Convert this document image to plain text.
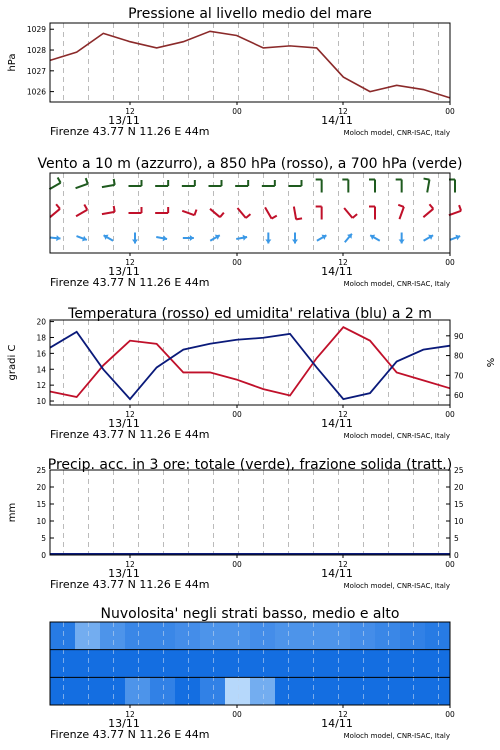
Pressione al livello medio del mare
12	00	12	00
13/11	14/11
Firenze 43.77 N 11.26 E 44m	Moloch model, CNR-ISAC, Italy
1029
1028
1027
1026
hPa
Vento a 10 m (azzurro), a 850 hPa (rosso), a 700 hPa (verde)
12	00	12	00
13/11	14/11
Firenze 43.77 N 11.26 E 44m	Moloch model, CNR-ISAC, Italy
Temperatura (rosso) ed umidita' relativa (blu) a 2 m
12	00	12	00
13/11	14/11
Firenze 43.77 N 11.26 E 44m	Moloch model, CNR-ISAC, Italy
20
18
16
14
12
10
90
80
70
60
gradi C	%
Precip. acc. in 3 ore: totale (verde), frazione solida (tratt.)
12	00	12	00
13/11	14/11
Firenze 43.77 N 11.26 E 44m	Moloch model, CNR-ISAC, Italy
25	25
20	20
15	15
10	10
5	5
0	0
mm
Nuvolosita' negli strati basso, medio e alto
12	00	12	00
13/11	14/11
Firenze 43.77 N 11.26 E 44m	Moloch model, CNR-ISAC, Italy
